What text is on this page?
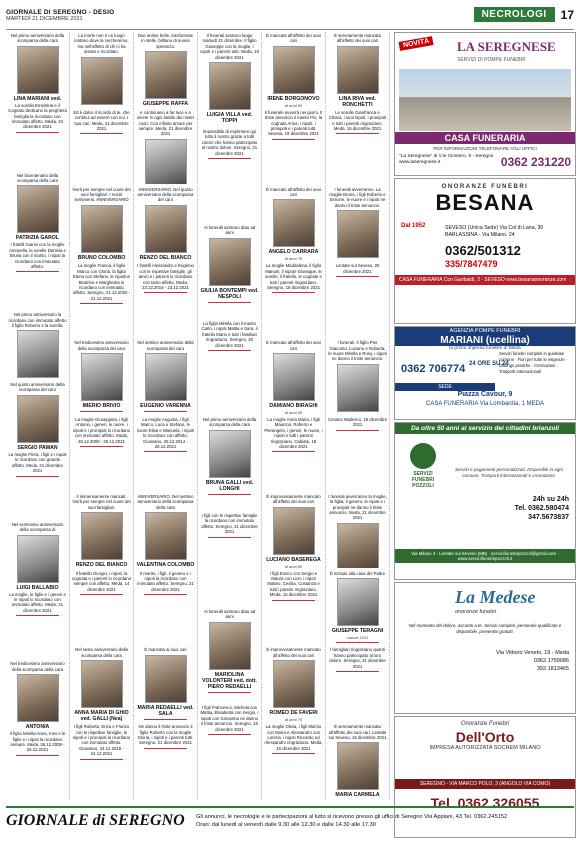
GIORNALE DI SEREGNO - DESIO
MARTEDÌ 21 DICEMBRE 2021	NECROLOGI	17
Nel primo anniversario della scomparsa della cara
LINA MARIANI ved.
La sorella Ernestina e il Cognato dedicano la preghiera famiglia la ricordano con immutato affetto. Meda, 24 dicembre 2021
Nel bicentenario della scomparsa della cara
PATRIZIA GAROL
I fratelli Gianni con la moglie Antonella, le sorelle Daniela e Bruna con il marito, i nipoti la ricordano con immutato affetto.
Nel primo anniversario la ricordano con immutato affetto il figlio Roberto e la sorella.
Nel quinto anniversario della scomparsa del caro
SERGIO PAWAN
La moglie Piera, i figli e i nipoti lo ricordano con grande affetto. Meda, 21 dicembre 2021
Nel ventesimo anniversario della scomparsa di
LUIGI BALLABIO
La moglie, le figlie e i generi e le nipoti lo ricordano con immutato affetto. Meda, 21 dicembre 2021
Nel tredicesimo anniversario della scomparsa della cara
ANTONIA
Il figlio Mirella Anna, Ines e le figlie e i nipoti la ricordano sempre. Meda, 26.12.2008 - 26.12.2021
La morte non è un luogo lontano dove la cercheremo, ma nell'affetto di chi ci ha amato e ricordato.
Ed è dolce il ricordo di te, che continui ad essere con noi. I tuoi cari. Meda, 21 dicembre 2021
Vivrà per sempre nel cuore dei suoi famigliari. I nostri sentimenti. ANNIVERSARIO
BRUNO COLOMBO
La moglie Franca, il figlio Marco con Gloria, la figlia Elena con Stefano, le nipotine Beatrice e Margherita lo ricordano con immutato affetto. Seregno, 21.12.2020 - 21.12.2021
Nel tredicesimo anniversario della scomparsa del caro
IMERIO BRIVIO
La moglie Giuseppina, i figli Antonio, i generi, le nuore, i nipoti e i pronipoti lo ricordano con immutato affetto. Meda, 26.12.2008 - 26.12.2021
Il immensamente mancati. Vivrà per sempre nel cuore dei suoi famigliari.
RENZO DEL BIANCO
Il fratello Giorgio, i nipoti, la cognata e i parenti lo ricordano sempre con affetto. Meda, 14 dicembre 2021
Nel sesto anniversario della scomparsa della cara
ANNA MARIA DI GHIO ved. GALLI (Nea)
I figli Roberta, Erica e Franco con le rispettive famiglie, le nipoti e i pronipoti la ricordano con immutato affetto. Giussano, 24.12.2015 - 24.12.2021
Due anime belle, trasformate in stelle, brillano di nuova speranza.
GIUSEPPE RAFFA
e continuano a far luce e a vivere in ogni battito dei nostri cuori. Con infinito amore per sempre. Meda, 21 dicembre 2021
ANNIVERSARIO. Nel quinto anniversario della scomparsa del caro
RENZO DEL BIANCO
I fratelli Alessandro e Eugenio con le rispettive famiglie, gli amici e i parenti lo ricordano con tanto affetto. Meda, 23.12.2016 - 23.12.2021
Nel settimo anniversario della scomparsa del caro
EUGENIO VARENNA
La moglie Augusta, i figli Marco, Luca e Stefano, le nuore Elisa e Manuela, i nipoti lo ricordano con affetto. Giussano, 26.12.2014 - 26.12.2021
ANNIVERSARIO. Nel settimo anniversario della scomparsa della cara
VALENTINA COLOMBO
Il marito, i figli, il genero e i nipoti la ricordano con immutato affetto. Seregno, 21 dicembre 2021
È mancata ai suoi cari
MARIA REDAELLI ved. SALA
Ne danno il triste annuncio il figlio Roberto con la moglie Gloria, i nipoti e i parenti tutti. Seregno, 21 dicembre 2021
Il funerali avranno luogo martedì 21 dicembre. Il figlio Giuseppe con la moglie, i nipoti e i parenti tutti. Meda, 19 dicembre 2021
LUIGIA VILLA ved. TOPPI
Impossibile di esprimere qui tutto il nostro grazie a tutti coloro che hanno partecipato al nostro dolore. Seregno, 21 dicembre 2021
Ai funerali avranno dato ad anni
GIULIA BONTEMPI ved. NESPOLI
La figlia Mirella con il marito Carlo, i nipoti Mattia e Sara, il fratello Mario e tutti i familiari ringraziano. Seregno, 20 dicembre 2021
Nel primo anniversario della scomparsa della cara
BRUNA GALLI ved. LONGHI
I figli con le rispettive famiglie la ricordano con immutato affetto. Seregno, 21 dicembre 2021
Ai funerali avranno dato ad anni
MARIOLINA VOLONTERI ved. dott. PIERO REDAELLI
I figli Francesco, Michela con Mattia, Elisabetta con Sergio, i nipoti con Giovanna ne danno il triste annuncio. Seregno, 19 dicembre 2021
È mancata all'affetto dei suoi cari
IRENE BORGONOVO
di anni 93
Il funerale avverrà nei giorni. Il triste annuncio il marito Pio, la cognata Anna, i nipoti, i pronipoti e i parenti tutti. Sevesa, 19 dicembre 2021
È mancato all'affetto dei suoi cari
ANGELO CARRARA
di anni 78
La moglie Maddalena, il figlio Manuel, il nipote Giuseppe, le sorelle, il fratello, le cognate e tutti i parenti ringraziano. Seregno, 19 dicembre 2021
È mancato all'affetto dei suoi cari
DAMIANO BIRAGHI
di anni 90
La moglie Anna Maria, i figli Maurizio, Roberto e Pierangelo, i generi, le nuore, i nipoti e tutti i parenti ringraziano. Cabiate, 18 dicembre 2021
È improvvisamente mancato all'affetto dei suoi cari
LUCIANO BASEREGA
di anni 90
I figli Enrico con Sergio e Maura con Lion, i nipoti Matteo, Cecilia, Costanza e tutti i parenti ringraziano. Meda, 15 dicembre 2021
È improvvisamente mancato all'affetto dei suoi cari
ROMEO DE FAVERI
di anni 79
La moglie Olivia, i figli Marzio con Moira e Alessandro con Lorena, i nipoti Riccardo ed Alessandro ringraziano. Meda, 16 dicembre 2021
È serenamente mancata all'affetto dei suoi cari
LINA RIVA ved. RONCHETTI
Le sorelle Gianfranca e Chiara, i suoi nipoti, i pronipoti e tutti i parenti ringraziano. Meda, 16 dicembre 2021
I funerali avverranno. La moglie Bruna, i figli Roberto e Simone, le nuore e i nipoti ne danno il triste annuncio.
Lentate sul Seveso, 20 dicembre 2021
I funerali. Il figlio Pier Giacomo, Luciano e Roberta, le nuore Mirella e Rosy, i nipoti ne danno il triste annuncio.
Cesano Maderno, 19 dicembre 2021
I funerali avverranno la moglie, la figlia, il genero, le nipoti e i pronipoti ne danno il triste annuncio. Meda, 21 dicembre 2021
È tornato alla casa del Padre
GIUSEPPE TERAGNI
classe 1931
I famigliari ringraziano quanti hanno partecipato al loro dolore. Seregno, 21 dicembre 2021
È serenamente mancata all'affetto dei suoi cari. Lentate sul Seveso, 19 dicembre 2021
MARIA CARMELA
NOVITÀ	LA SEREGNESE
SERVIZI DI POMPE FUNEBRI
CASA FUNERARIA
PER INFORMAZIONI TELEFONARE AGLI UFFICI
"La Seregnese" di V.le Cimitero, 9 - Seregno
www.laseregnese.it	0362 231220
ONORANZE FUNEBRI
BESANA
Dal 1952	SEVESO (Unica Sede) Via Col di Lana, 30
BARLASSINA - Via Milano, 24
0362/501312
335/7847479
CASA FUNERARIA Con Garibaldi, 2 - SEVESO www.besanaonoranze.com
AGENZIA POMPE FUNEBRI
MARIANI (ucellina)
la prima impresa funebre di Meda
0362 706774 24 ORE SU 24
Servizi funebri completi in qualsiasi comune · Fiori per tutte le esigenze · Disbrigo pratiche · Cremazioni · Trasporti internazionali
SEDE
Piazza Cavour, 9
CASA FUNERARIA Via Lombardia, 1 MEDA
Da oltre 50 anni al servizio dei cittadini brianzoli
SERVIZI FUNEBRI POZZOLI
Servizi e pagamenti personalizzati. Disponibili in ogni comune. Trasporti internazionali e cremazioni.
24h su 24h
Tel. 0362.580474
347.5673837
Via Milano 3 - Lentate sul Seveso (MB) · serviziifunebripozzoli@gmail.com · www.serviziifunebripozzoli.it
La Medese
onoranze funebri
Nel momento del dolore, accanto a te. Servizi completi, personale qualificato e disponibile, preventivi gratuiti.
Via Vittorio Veneto, 19 - Meda
0362.1759086
392.1813465
Onoranze Funebri
Dell'Orto
IMPRESA AUTORIZZATA SOCREM MILANO
SEREGNO - VIA MARCO POLO, 3 (ANGOLO VIA COMO)
Tel. 0362 326055
GIORNALE di SEREGNO Gli annunci, le necrologie e le partecipazioni al lutto si ricevono presso gli uffici di Seregno Via Appiani, 43 Tel. 0362.245152
Orari: dal lunedì al venerdì dalle 9.30 alle 12.30 e dalle 14.30 alle 17.30
